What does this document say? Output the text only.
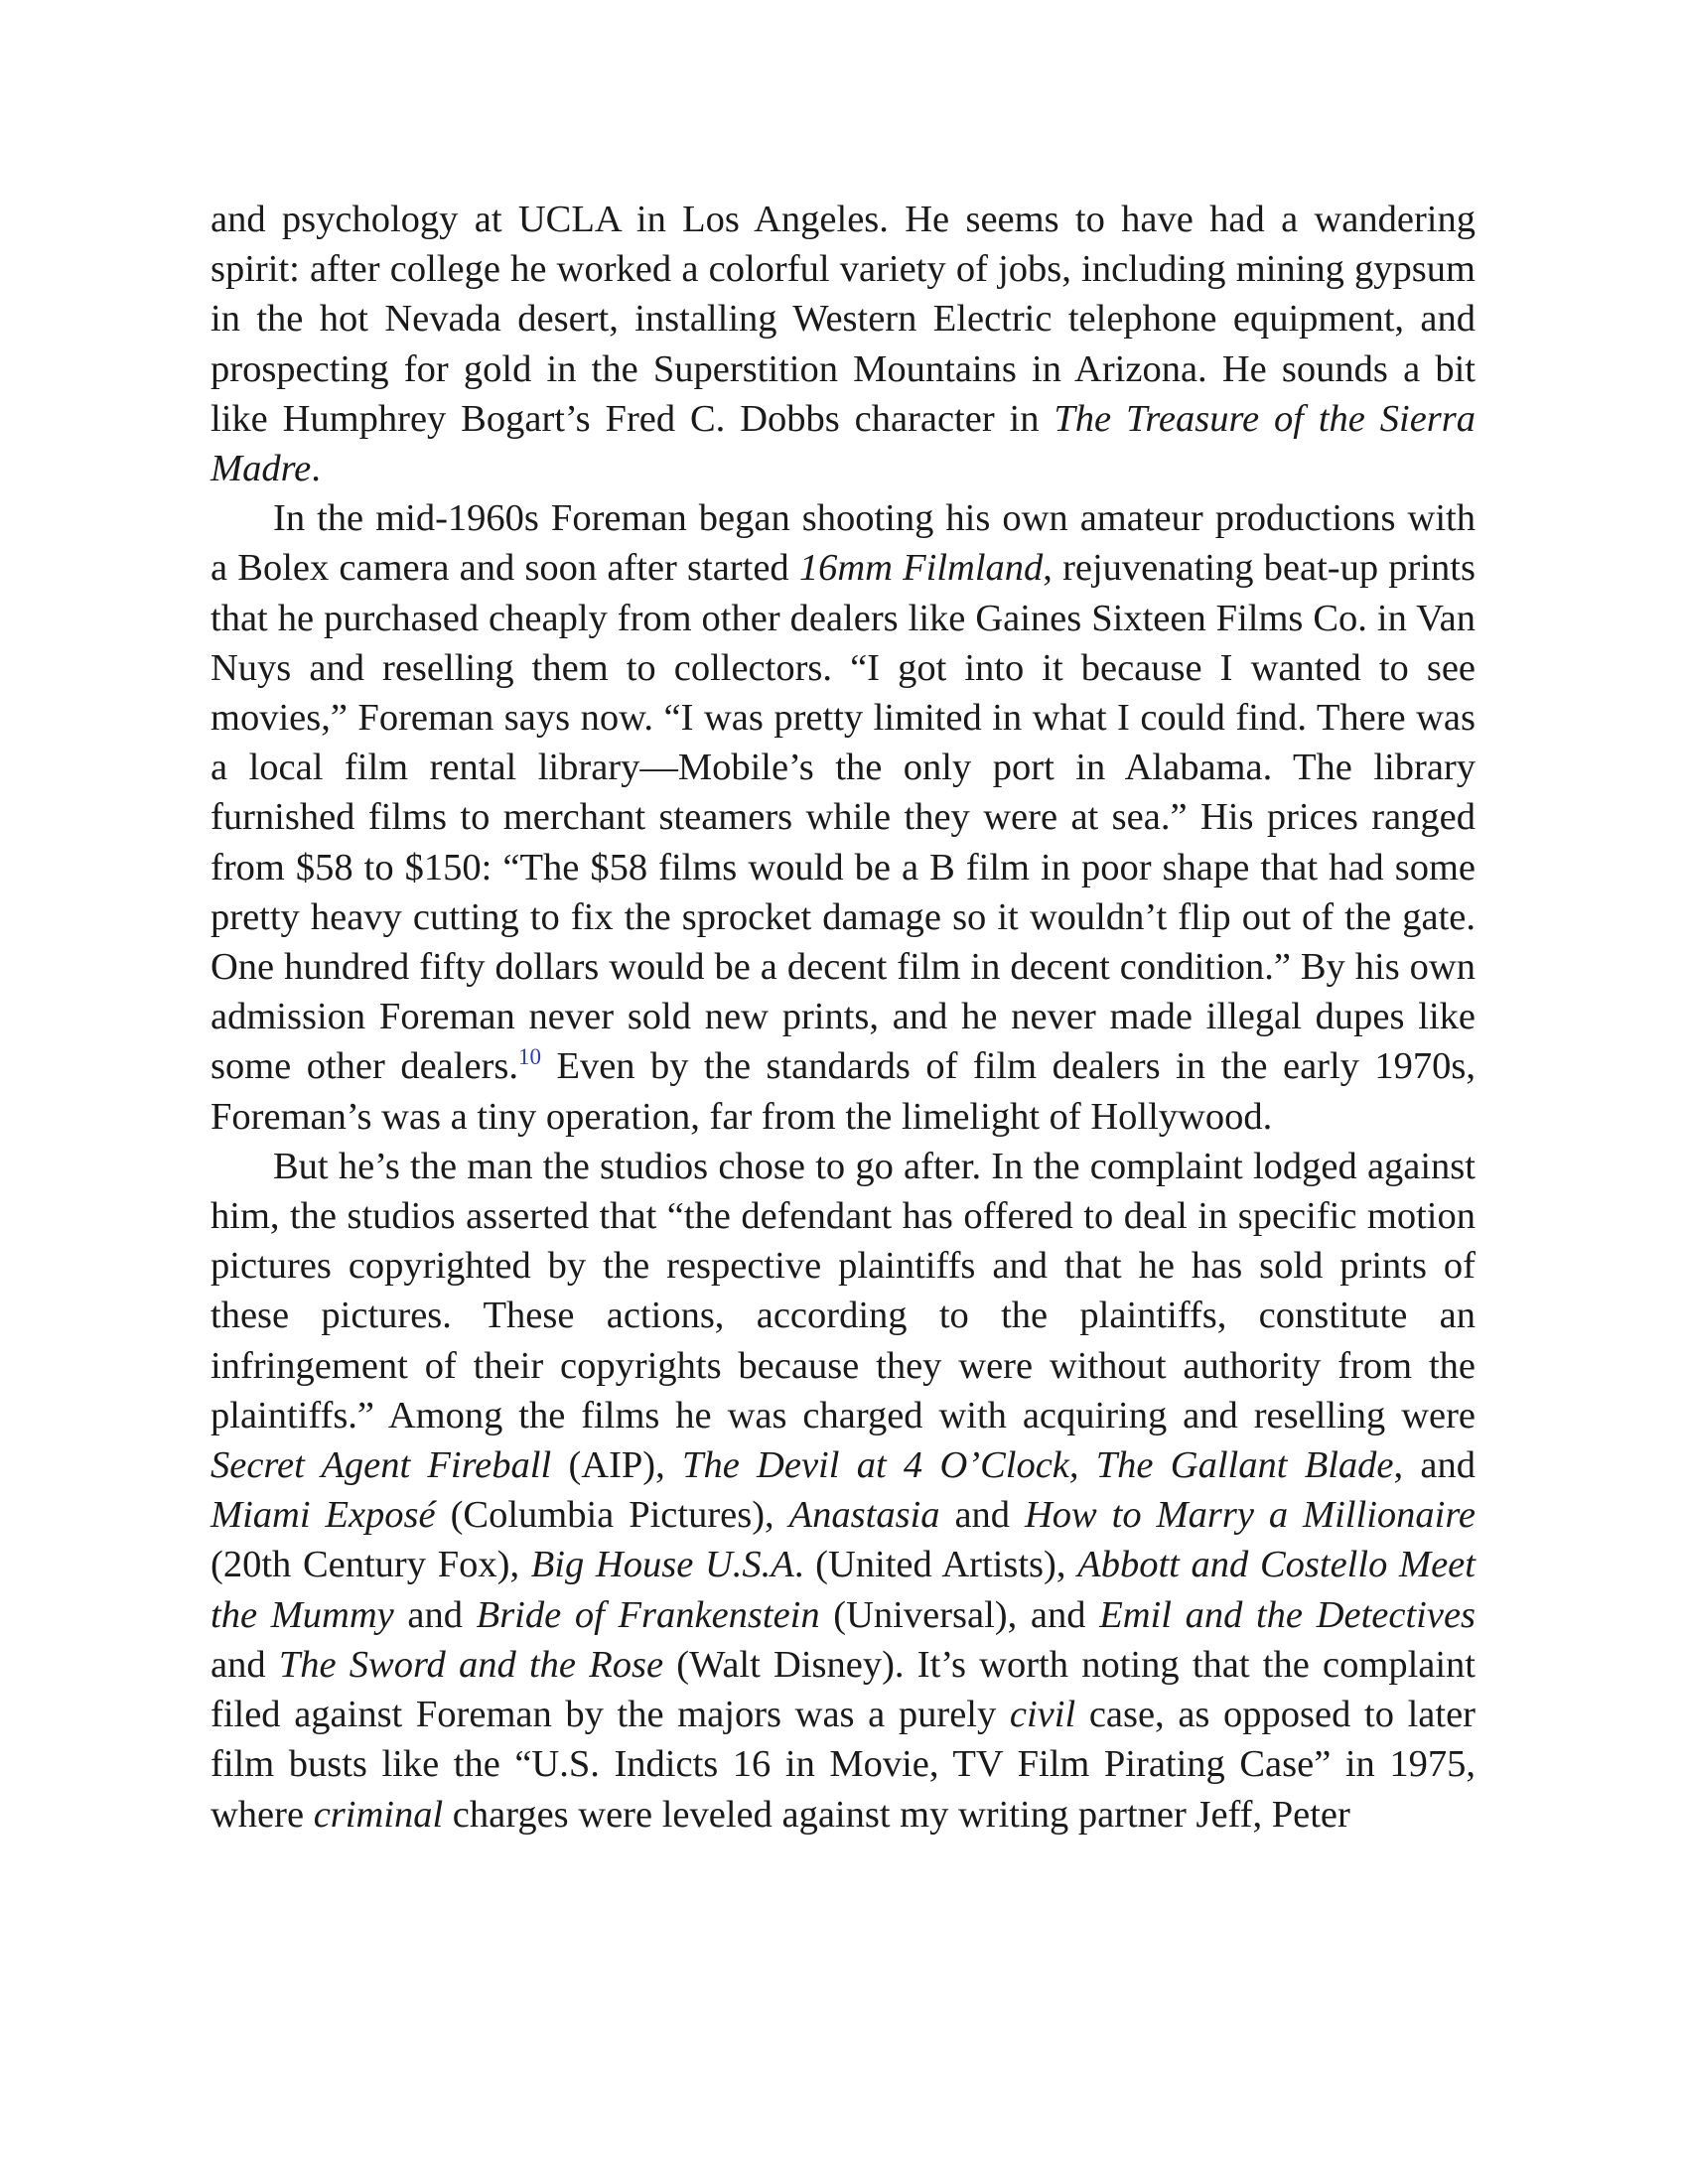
and psychology at UCLA in Los Angeles. He seems to have had a wandering spirit: after college he worked a colorful variety of jobs, including mining gypsum in the hot Nevada desert, installing Western Electric telephone equipment, and prospecting for gold in the Superstition Mountains in Arizona. He sounds a bit like Humphrey Bogart’s Fred C. Dobbs character in The Treasure of the Sierra Madre.

In the mid-1960s Foreman began shooting his own amateur productions with a Bolex camera and soon after started 16mm Filmland, rejuvenating beat-up prints that he purchased cheaply from other dealers like Gaines Sixteen Films Co. in Van Nuys and reselling them to collectors. “I got into it because I wanted to see movies,” Foreman says now. “I was pretty limited in what I could find. There was a local film rental library—Mobile’s the only port in Alabama. The library furnished films to merchant steamers while they were at sea.” His prices ranged from $58 to $150: “The $58 films would be a B film in poor shape that had some pretty heavy cutting to fix the sprocket damage so it wouldn’t flip out of the gate. One hundred fifty dollars would be a decent film in decent condition.” By his own admission Foreman never sold new prints, and he never made illegal dupes like some other dealers.$^{10}$ Even by the standards of film dealers in the early 1970s, Foreman’s was a tiny operation, far from the limelight of Hollywood.

But he’s the man the studios chose to go after. In the complaint lodged against him, the studios asserted that “the defendant has offered to deal in specific motion pictures copyrighted by the respective plaintiffs and that he has sold prints of these pictures. These actions, according to the plaintiffs, constitute an infringement of their copyrights because they were without authority from the plaintiffs.” Among the films he was charged with acquiring and reselling were Secret Agent Fireball (AIP), The Devil at 4 O’Clock, The Gallant Blade, and Miami Exposé (Columbia Pictures), Anastasia and How to Marry a Millionaire (20th Century Fox), Big House U.S.A. (United Artists), Abbott and Costello Meet the Mummy and Bride of Frankenstein (Universal), and Emil and the Detectives and The Sword and the Rose (Walt Disney). It’s worth noting that the complaint filed against Foreman by the majors was a purely civil case, as opposed to later film busts like the “U.S. Indicts 16 in Movie, TV Film Pirating Case” in 1975, where criminal charges were leveled against my writing partner Jeff, Peter
